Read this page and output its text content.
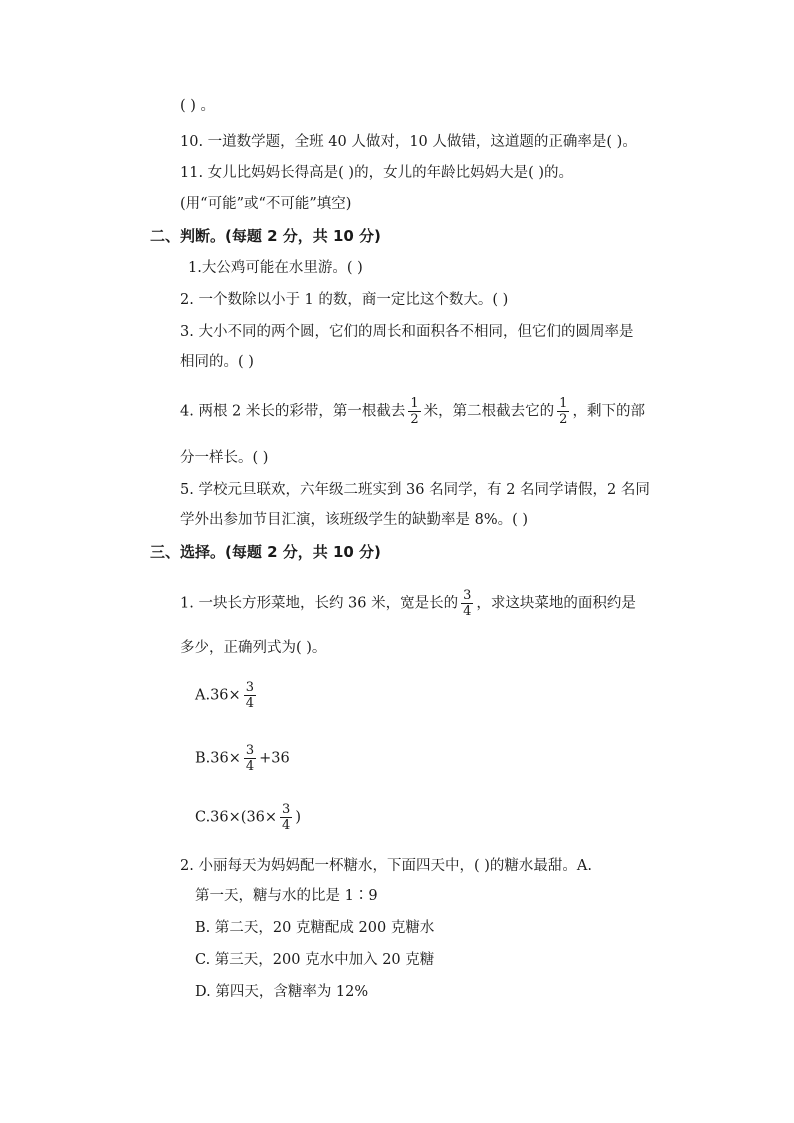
( ) 。
10. 一道数学题，全班 40 人做对，10 人做错，这道题的正确率是( )。
11. 女儿比妈妈长得高是( )的，女儿的年龄比妈妈大是( )的。
(用“可能”或“不可能”填空)
二、判断。(每题 2 分，共 10 分)
1.大公鸡可能在水里游。( )
2. 一个数除以小于 1 的数，商一定比这个数大。( )
3. 大小不同的两个圆，它们的周长和面积各不相同，但它们的圆周率是
相同的。( )
4. 两根 2 米长的彩带，第一根截去 $\frac{1}{2}$ 米，第二根截去它的 $\frac{1}{2}$ ，剩下的部
分一样长。( )
5. 学校元旦联欢，六年级二班实到 36 名同学，有 2 名同学请假，2 名同
学外出参加节目汇演，该班级学生的缺勤率是 8%。( )
三、选择。(每题 2 分，共 10 分)
1. 一块长方形菜地，长约 36 米，宽是长的 $\frac{3}{4}$ ，求这块菜地的面积约是
多少，正确列式为( )。
$A.36\times \frac{3}{4}$
$B.36\times \frac{3}{4} +36$
$C.36\times(36\times \frac{3}{4}$ )
2. 小丽每天为妈妈配一杯糖水，下面四天中，( )的糖水最甜。A.
第一天，糖与水的比是 1∶9
B. 第二天，20 克糖配成 200 克糖水
C. 第三天，200 克水中加入 20 克糖
D. 第四天，含糖率为 12%
